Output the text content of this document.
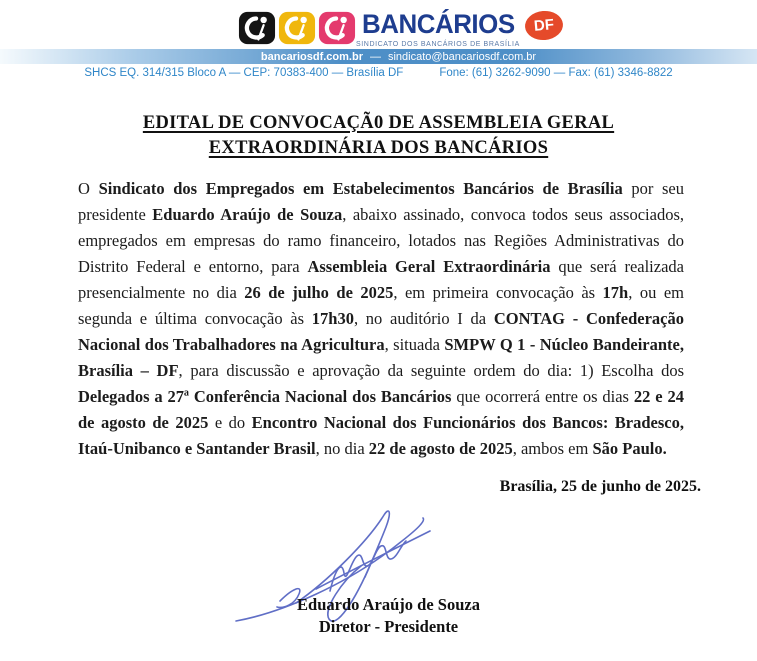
BANCÁRIOS	DF
SINDICATO DOS BANCÁRIOS DE BRASÍLIA
bancariosdf.com.br — sindicato@bancariosdf.com.br
SHCS EQ. 314/315 Bloco A — CEP: 70383-400 — Brasília DF	Fone: (61) 3262-9090 — Fax: (61) 3346-8822
EDITAL DE CONVOCAÇÃ0 DE ASSEMBLEIA GERAL
EXTRAORDINÁRIA DOS BANCÁRIOS

O Sindicato dos Empregados em Estabelecimentos Bancários de Brasília por seu presidente Eduardo Araújo de Souza, abaixo assinado, convoca todos seus associados, empregados em empresas do ramo financeiro, lotados nas Regiões Administrativas do Distrito Federal e entorno, para Assembleia Geral Extraordinária que será realizada presencialmente no dia 26 de julho de 2025, em primeira convocação às 17h, ou em segunda e última convocação às 17h30, no auditório I da CONTAG - Confederação Nacional dos Trabalhadores na Agricultura, situada SMPW Q 1 - Núcleo Bandeirante, Brasília – DF, para discussão e aprovação da seguinte ordem do dia: 1) Escolha dos Delegados a 27ª Conferência Nacional dos Bancários que ocorrerá entre os dias 22 e 24 de agosto de 2025 e do Encontro Nacional dos Funcionários dos Bancos: Bradesco, Itaú-Unibanco e Santander Brasil, no dia 22 de agosto de 2025, ambos em São Paulo.

Brasília, 25 de junho de 2025.

Eduardo Araújo de Souza
Diretor - Presidente
